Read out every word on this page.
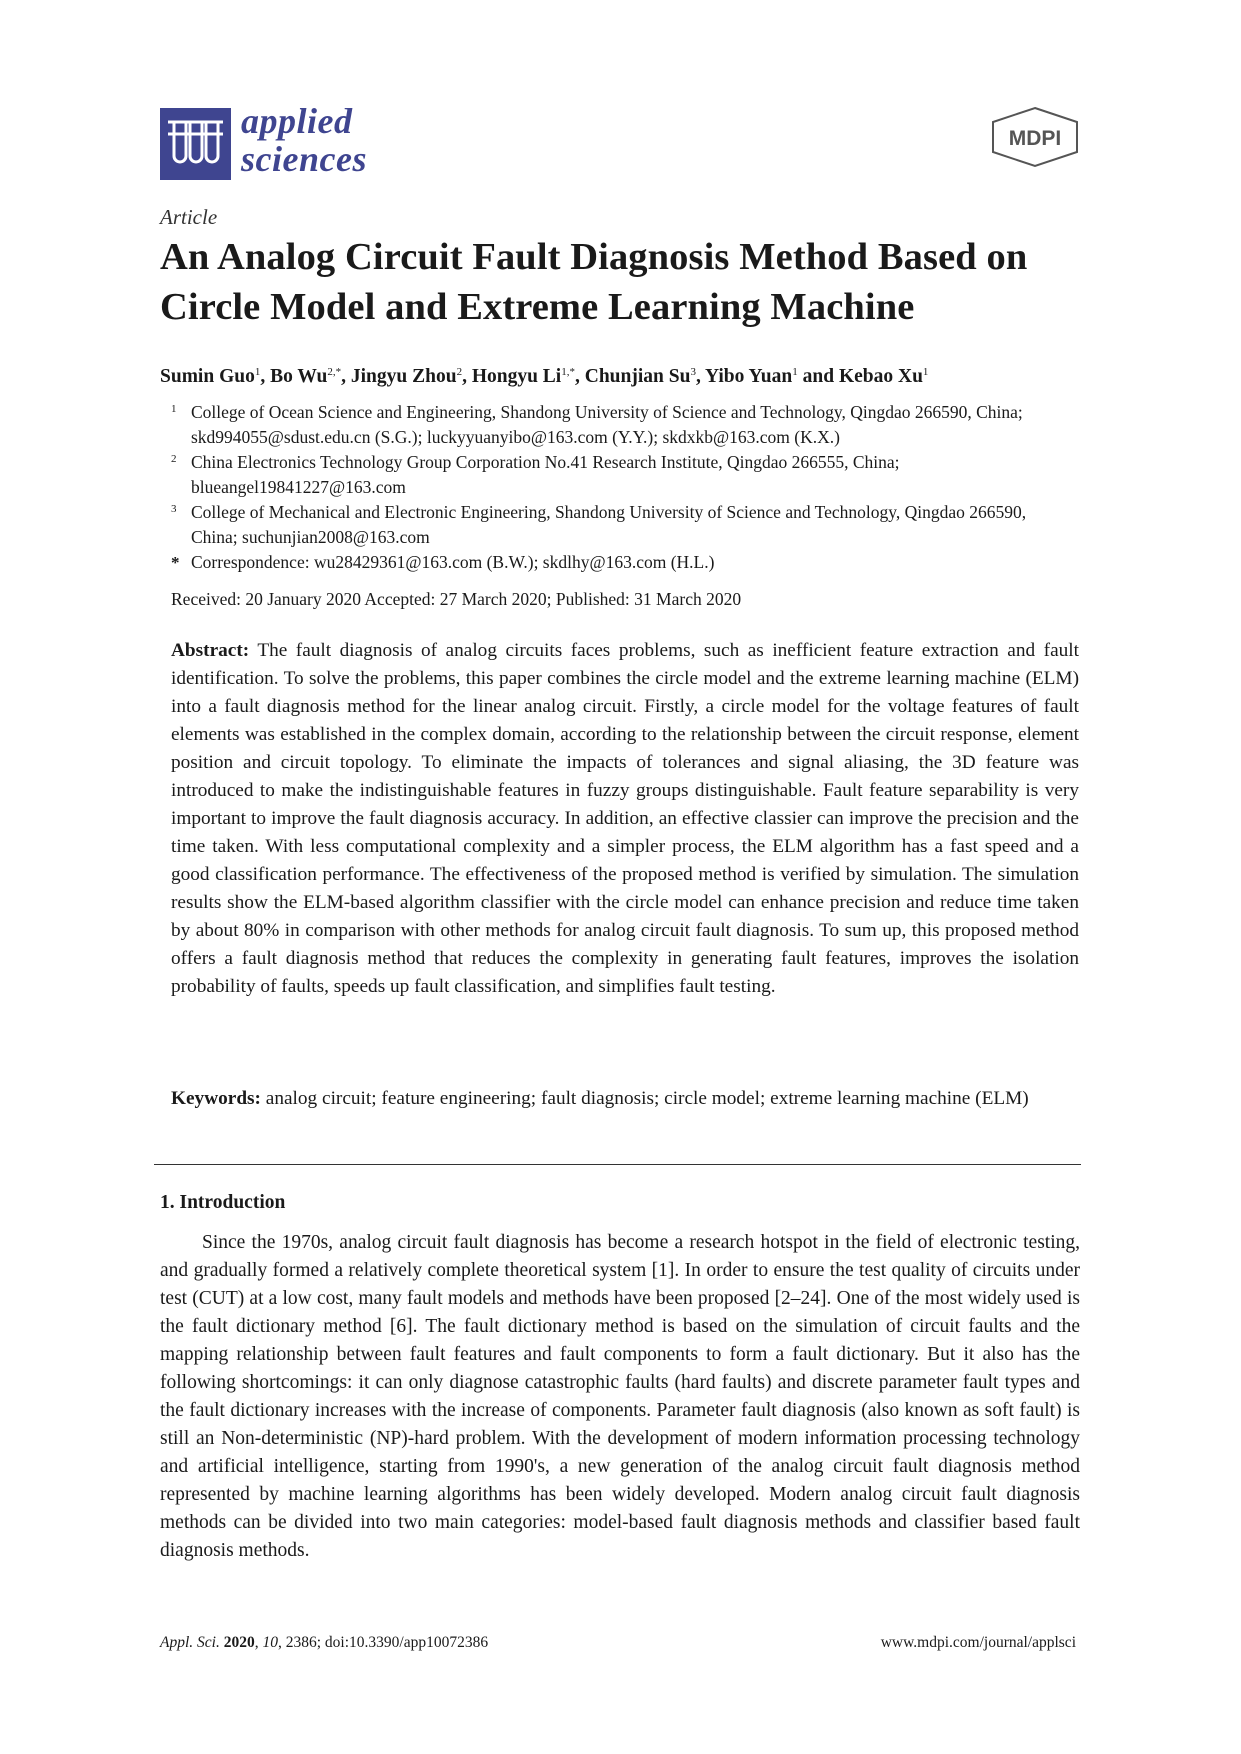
applied
sciences
MDPI
Article
An Analog Circuit Fault Diagnosis Method Based on Circle Model and Extreme Learning Machine
Sumin Guo$^1$, Bo $Wu^{2,*}$, Jingyu Zhou$^2$, Hongyu $Li^{1,*}$, Chunjian Su$^3$, Yibo Yuan$^1$ and Kebao Xu$^1$
1 College of Ocean Science and Engineering, Shandong University of Science and Technology, Qingdao 266590, China; skd994055@sdust.edu.cn (S.G.); luckyyuanyibo@163.com (Y.Y.); skdxkb@163.com (K.X.)
2 China Electronics Technology Group Corporation No.41 Research Institute, Qingdao 266555, China; blueangel19841227@163.com
3 College of Mechanical and Electronic Engineering, Shandong University of Science and Technology, Qingdao 266590, China; suchunjian2008@163.com
* Correspondence: wu28429361@163.com (B.W.); skdlhy@163.com (H.L.)
Received: 20 January 2020 Accepted: 27 March 2020; Published: 31 March 2020
Abstract: The fault diagnosis of analog circuits faces problems, such as inefficient feature extraction and fault identification. To solve the problems, this paper combines the circle model and the extreme learning machine (ELM) into a fault diagnosis method for the linear analog circuit. Firstly, a circle model for the voltage features of fault elements was established in the complex domain, according to the relationship between the circuit response, element position and circuit topology. To eliminate the impacts of tolerances and signal aliasing, the 3D feature was introduced to make the indistinguishable features in fuzzy groups distinguishable. Fault feature separability is very important to improve the fault diagnosis accuracy. In addition, an effective classier can improve the precision and the time taken. With less computational complexity and a simpler process, the ELM algorithm has a fast speed and a good classification performance. The effectiveness of the proposed method is verified by simulation. The simulation results show the ELM-based algorithm classifier with the circle model can enhance precision and reduce time taken by about 80% in comparison with other methods for analog circuit fault diagnosis. To sum up, this proposed method offers a fault diagnosis method that reduces the complexity in generating fault features, improves the isolation probability of faults, speeds up fault classification, and simplifies fault testing.
Keywords: analog circuit; feature engineering; fault diagnosis; circle model; extreme learning machine (ELM)
1. Introduction
Since the 1970s, analog circuit fault diagnosis has become a research hotspot in the field of electronic testing, and gradually formed a relatively complete theoretical system [1]. In order to ensure the test quality of circuits under test (CUT) at a low cost, many fault models and methods have been proposed [2–24]. One of the most widely used is the fault dictionary method [6]. The fault dictionary method is based on the simulation of circuit faults and the mapping relationship between fault features and fault components to form a fault dictionary. But it also has the following shortcomings: it can only diagnose catastrophic faults (hard faults) and discrete parameter fault types and the fault dictionary increases with the increase of components. Parameter fault diagnosis (also known as soft fault) is still an Non-deterministic (NP)-hard problem. With the development of modern information processing technology and artificial intelligence, starting from 1990's, a new generation of the analog circuit fault diagnosis method represented by machine learning algorithms has been widely developed. Modern analog circuit fault diagnosis methods can be divided into two main categories: model-based fault diagnosis methods and classifier based fault diagnosis methods.
Appl. Sci. 2020, 10, 2386; doi:10.3390/app10072386	www.mdpi.com/journal/applsci
